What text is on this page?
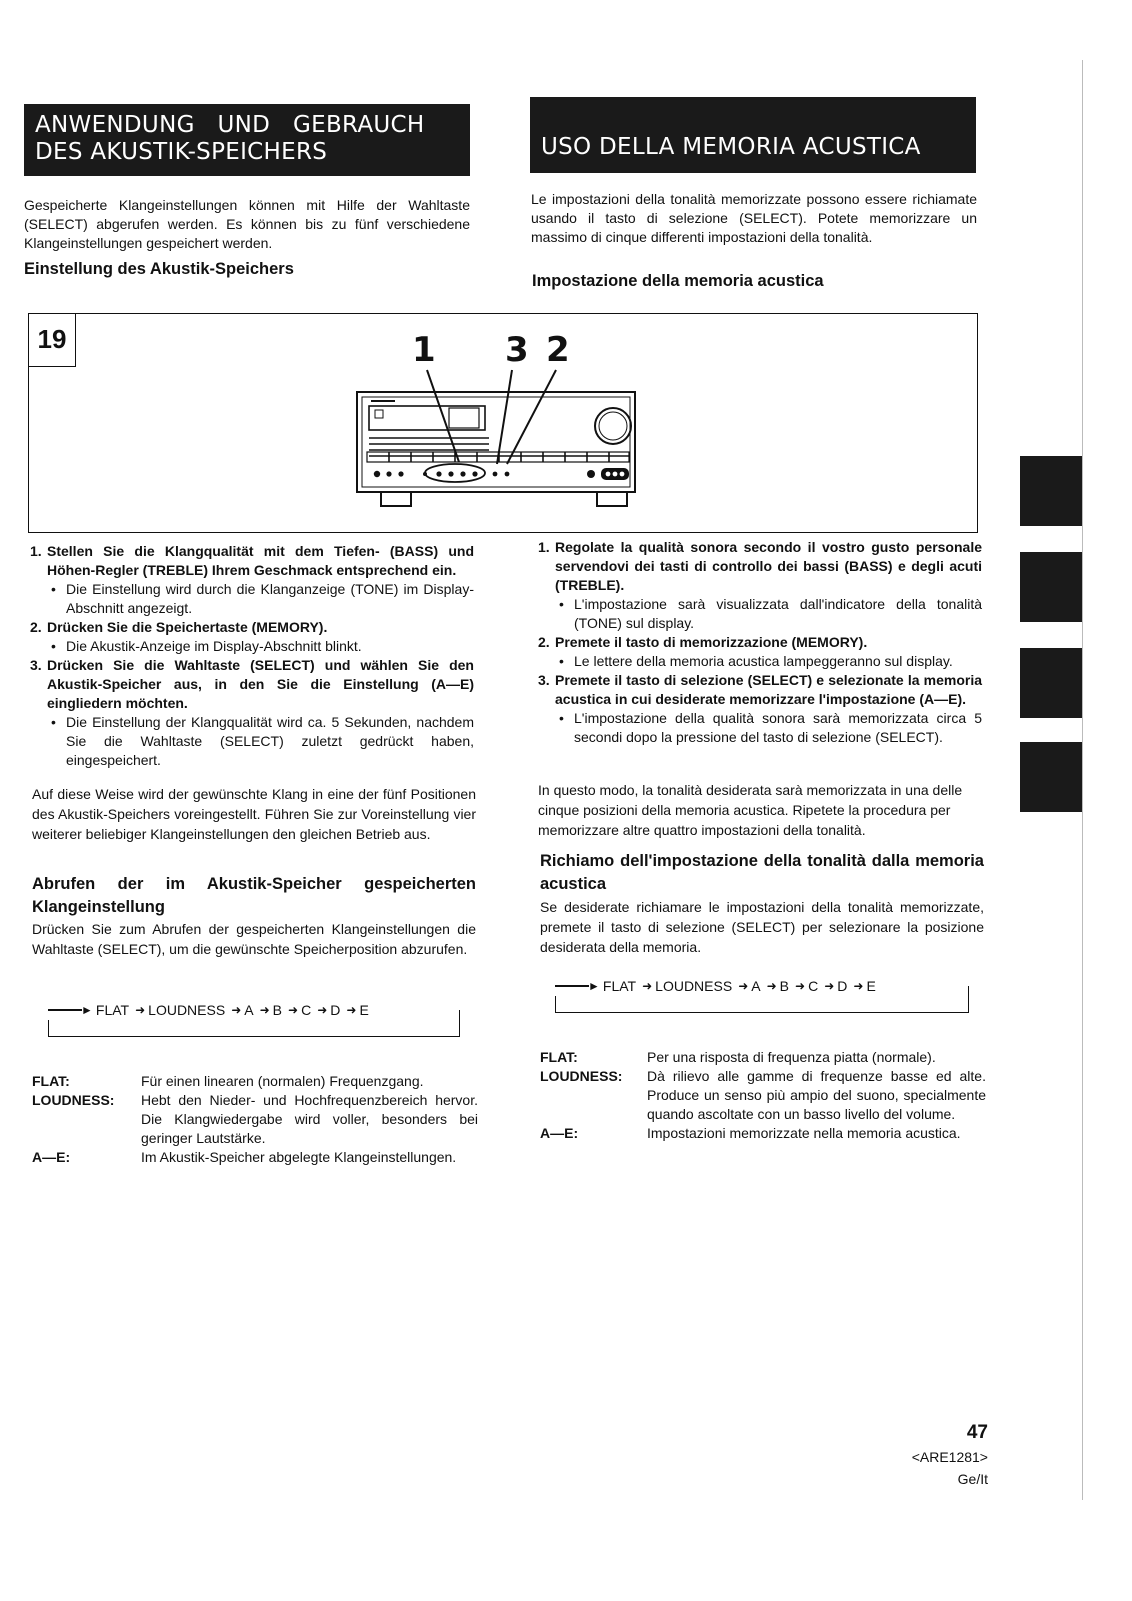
ANWENDUNG   UND   GEBRAUCH
DES AKUSTIK-SPEICHERS
Gespeicherte Klangeinstellungen können mit Hilfe der Wahltaste (SELECT) abgerufen werden. Es können bis zu fünf verschiedene Klangeinstellungen gespeichert werden.
Einstellung des Akustik-Speichers
USO DELLA MEMORIA ACUSTICA
Le impostazioni della tonalità memorizzate possono essere richiamate usando il tasto di selezione (SELECT). Potete memorizzare un massimo di cinque differenti impostazioni della tonalità.
Impostazione della memoria acustica
19	1 3 2
1. Stellen Sie die Klangqualität mit dem Tiefen- (BASS) und Höhen-Regler (TREBLE) Ihrem Geschmack entsprechend ein.
• Die Einstellung wird durch die Klanganzeige (TONE) im Display-Abschnitt angezeigt.
2. Drücken Sie die Speichertaste (MEMORY).
• Die Akustik-Anzeige im Display-Abschnitt blinkt.
3. Drücken Sie die Wahltaste (SELECT) und wählen Sie den Akustik-Speicher aus, in den Sie die Einstellung (A—E) eingliedern möchten.
• Die Einstellung der Klangqualität wird ca. 5 Sekunden, nachdem Sie die Wahltaste (SELECT) zuletzt gedrückt haben, eingespeichert.
Auf diese Weise wird der gewünschte Klang in eine der fünf Positionen des Akustik-Speichers voreingestellt. Führen Sie zur Voreinstellung vier weiterer beliebiger Klangeinstellungen den gleichen Betrieb aus.
Abrufen der im Akustik-Speicher gespeicherten Klangeinstellung
Drücken Sie zum Abrufen der gespeicherten Klangeinstellungen die Wahltaste (SELECT), um die gewünschte Speicherposition abzurufen.
► FLAT ➜ LOUDNESS ➜ A ➜ B ➜ C ➜ D ➜ E
FLAT:	Für einen linearen (normalen) Frequenzgang.
LOUDNESS: Hebt den Nieder- und Hochfrequenzbereich hervor. Die Klangwiedergabe wird voller, besonders bei geringer Lautstärke.
A—E:	Im Akustik-Speicher abgelegte Klangeinstellungen.
1. Regolate la qualità sonora secondo il vostro gusto personale servendovi dei tasti di controllo dei bassi (BASS) e degli acuti (TREBLE).
• L'impostazione sarà visualizzata dall'indicatore della tonalità (TONE) sul display.
2. Premete il tasto di memorizzazione (MEMORY).
• Le lettere della memoria acustica lampeggeranno sul display.
3. Premete il tasto di selezione (SELECT) e selezionate la memoria acustica in cui desiderate memorizzare l'impostazione (A—E).
• L'impostazione della qualità sonora sarà memorizzata circa 5 secondi dopo la pressione del tasto di selezione (SELECT).
In questo modo, la tonalità desiderata sarà memorizzata in una delle cinque posizioni della memoria acustica. Ripetete la procedura per memorizzare altre quattro impostazioni della tonalità.
Richiamo dell'impostazione della tonalità dalla memoria acustica
Se desiderate richiamare le impostazioni della tonalità memorizzate, premete il tasto di selezione (SELECT) per selezionare la posizione desiderata della memoria.
► FLAT ➜ LOUDNESS ➜ A ➜ B ➜ C ➜ D ➜ E
FLAT:	Per una risposta di frequenza piatta (normale).
LOUDNESS: Dà rilievo alle gamme di frequenze basse ed alte. Produce un senso più ampio del suono, specialmente quando ascoltate con un basso livello del volume.
A—E:	Impostazioni memorizzate nella memoria acustica.
47
<ARE1281>
Ge/It
